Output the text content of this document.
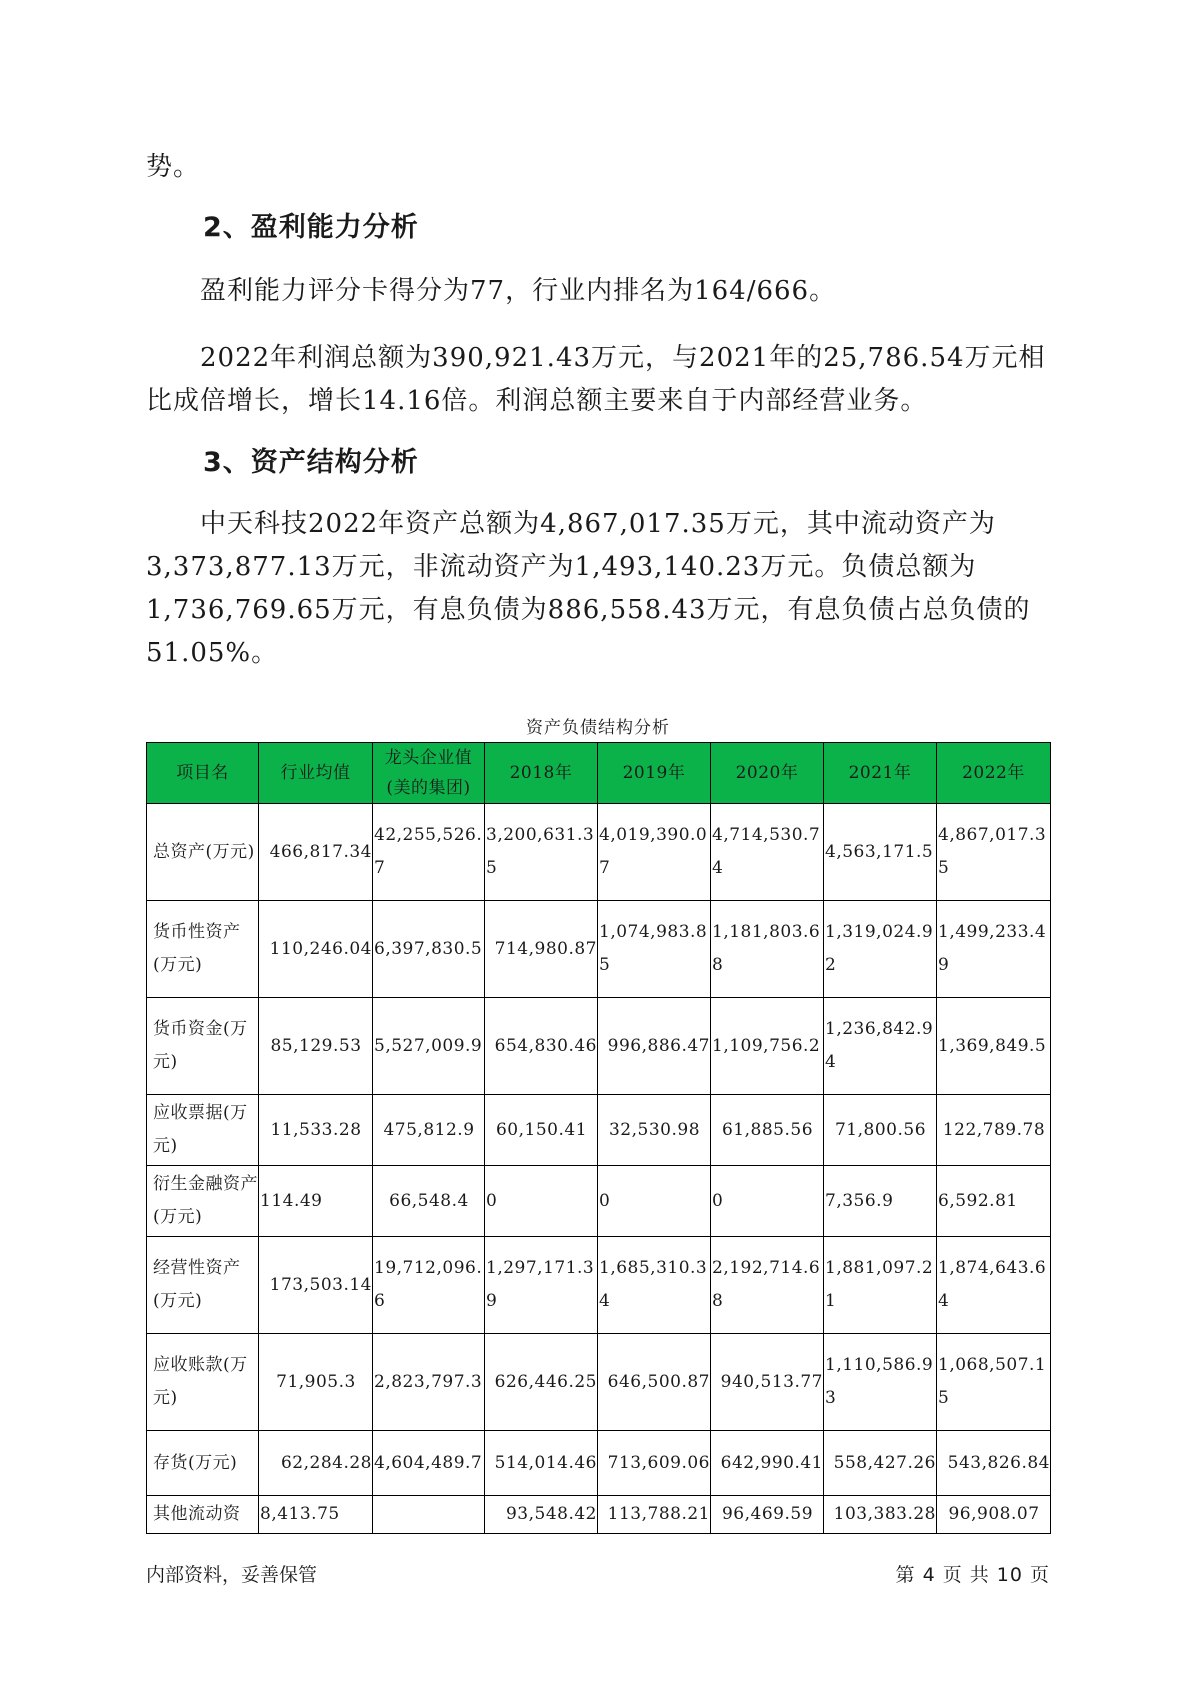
势。

2、盈利能力分析

盈利能力评分卡得分为77，行业内排名为164/666。

2022年利润总额为390,921.43万元，与2021年的25,786.54万元相比成倍增长，增长14.16倍。利润总额主要来自于内部经营业务。

3、资产结构分析

中天科技2022年资产总额为4,867,017.35万元，其中流动资产为3,373,877.13万元，非流动资产为1,493,140.23万元。负债总额为1,736,769.65万元，有息负债为886,558.43万元，有息负债占总负债的51.05%。

资产负债结构分析

项目名	行业均值	龙头企业值(美的集团)	2018年	2019年	2020年	2021年	2022年
总资产(万元)	466,817.34	42,255,526.7	3,200,631.35	4,019,390.07	4,714,530.74	4,563,171.5	4,867,017.35
货币性资产(万元)	110,246.04	6,397,830.5	714,980.87	1,074,983.85	1,181,803.68	1,319,024.92	1,499,233.49
货币资金(万元)	85,129.53	5,527,009.9	654,830.46	996,886.47	1,109,756.2	1,236,842.94	1,369,849.5
应收票据(万元)	11,533.28	475,812.9	60,150.41	32,530.98	61,885.56	71,800.56	122,789.78
衍生金融资产(万元)	114.49	66,548.4	0	0	0	7,356.9	6,592.81
经营性资产(万元)	173,503.14	19,712,096.6	1,297,171.39	1,685,310.34	2,192,714.68	1,881,097.21	1,874,643.64
应收账款(万元)	71,905.3	2,823,797.3	626,446.25	646,500.87	940,513.77	1,110,586.93	1,068,507.15
存货(万元)	62,284.28	4,604,489.7	514,014.46	713,609.06	642,990.41	558,427.26	543,826.84
其他流动资	8,413.75		93,548.42	113,788.21	96,469.59	103,383.28	96,908.07

内部资料，妥善保管	第 4 页 共 10 页
